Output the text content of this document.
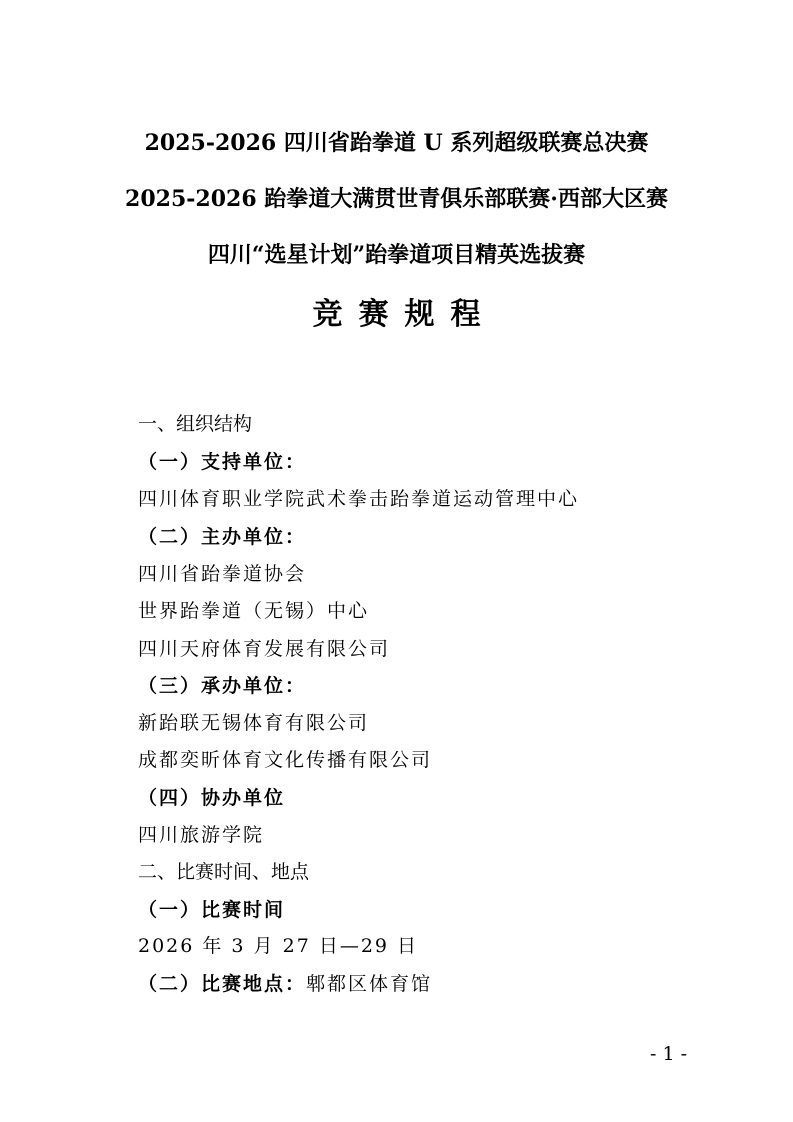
2025-2026 四川省跆拳道 U 系列超级联赛总决赛
2025-2026 跆拳道大满贯世青俱乐部联赛·西部大区赛
四川“选星计划”跆拳道项目精英选拔赛
竞赛规程

一、组织结构

（一）支持单位：

四川体育职业学院武术拳击跆拳道运动管理中心

（二）主办单位：

四川省跆拳道协会

世界跆拳道（无锡）中心

四川天府体育发展有限公司

（三）承办单位：

新跆联无锡体育有限公司

成都奕昕体育文化传播有限公司

（四）协办单位

四川旅游学院

二、比赛时间、地点

（一）比赛时间

2026 年 3 月 27 日—29 日

（二）比赛地点：郫都区体育馆

- 1 -
